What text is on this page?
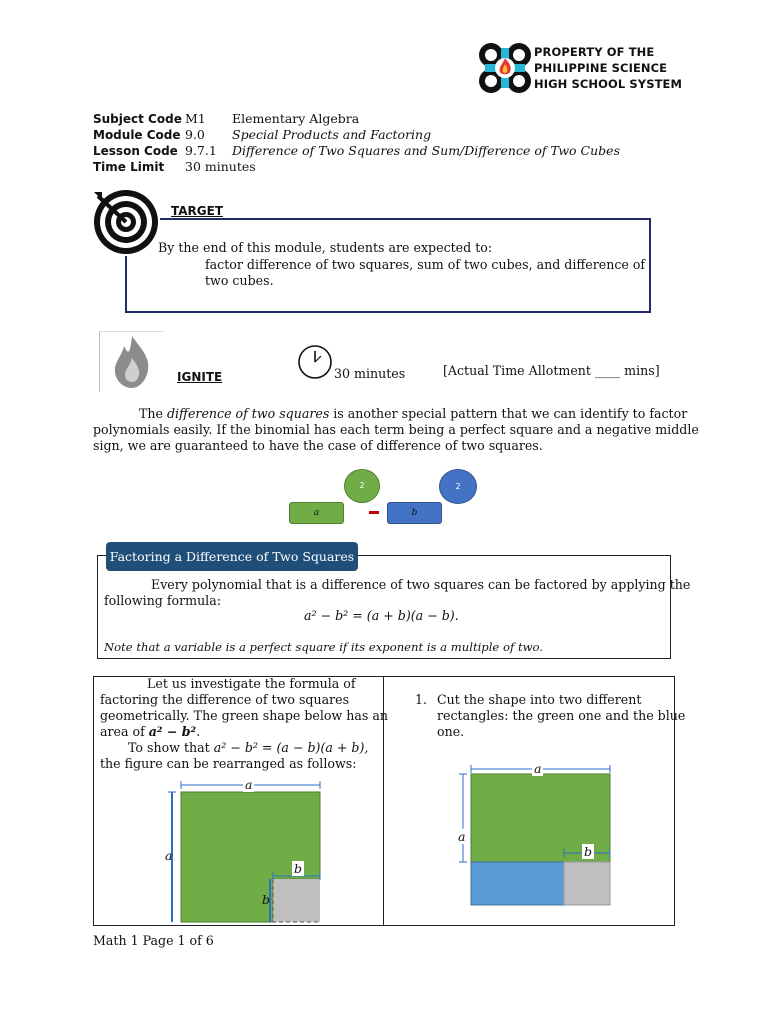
PROPERTY OF THE
PHILIPPINE SCIENCE
HIGH SCHOOL SYSTEM
Subject Code M1 Elementary Algebra
Module Code 9.0 Special Products and Factoring
Lesson Code 9.7.1 Difference of Two Squares and Sum/Difference of Two Cubes
Time Limit 30 minutes
TARGET
By the end of this module, students are expected to:
factor difference of two squares, sum of two cubes, and difference of
two cubes.
IGNITE	30 minutes	[Actual Time Allotment ____ mins]
The difference of two squares is another special pattern that we can identify to factor
polynomials easily. If the binomial has each term being a perfect square and a negative middle
sign, we are guaranteed to have the case of difference of two squares.
2	2
a	b
Factoring a Difference of Two Squares
Every polynomial that is a difference of two squares can be factored by applying the
following formula:
a² − b² = (a + b)(a − b).
Note that a variable is a perfect square if its exponent is a multiple of two.
Let us investigate the formula of
factoring the difference of two squares
geometrically. The green shape below has an
area of a² − b².
To show that a² − b² = (a − b)(a + b),
the figure can be rearranged as follows:
a
a
b
b
1. Cut the shape into two different
rectangles: the green one and the blue
one.
a
a
b
Math 1 Page 1 of 6
